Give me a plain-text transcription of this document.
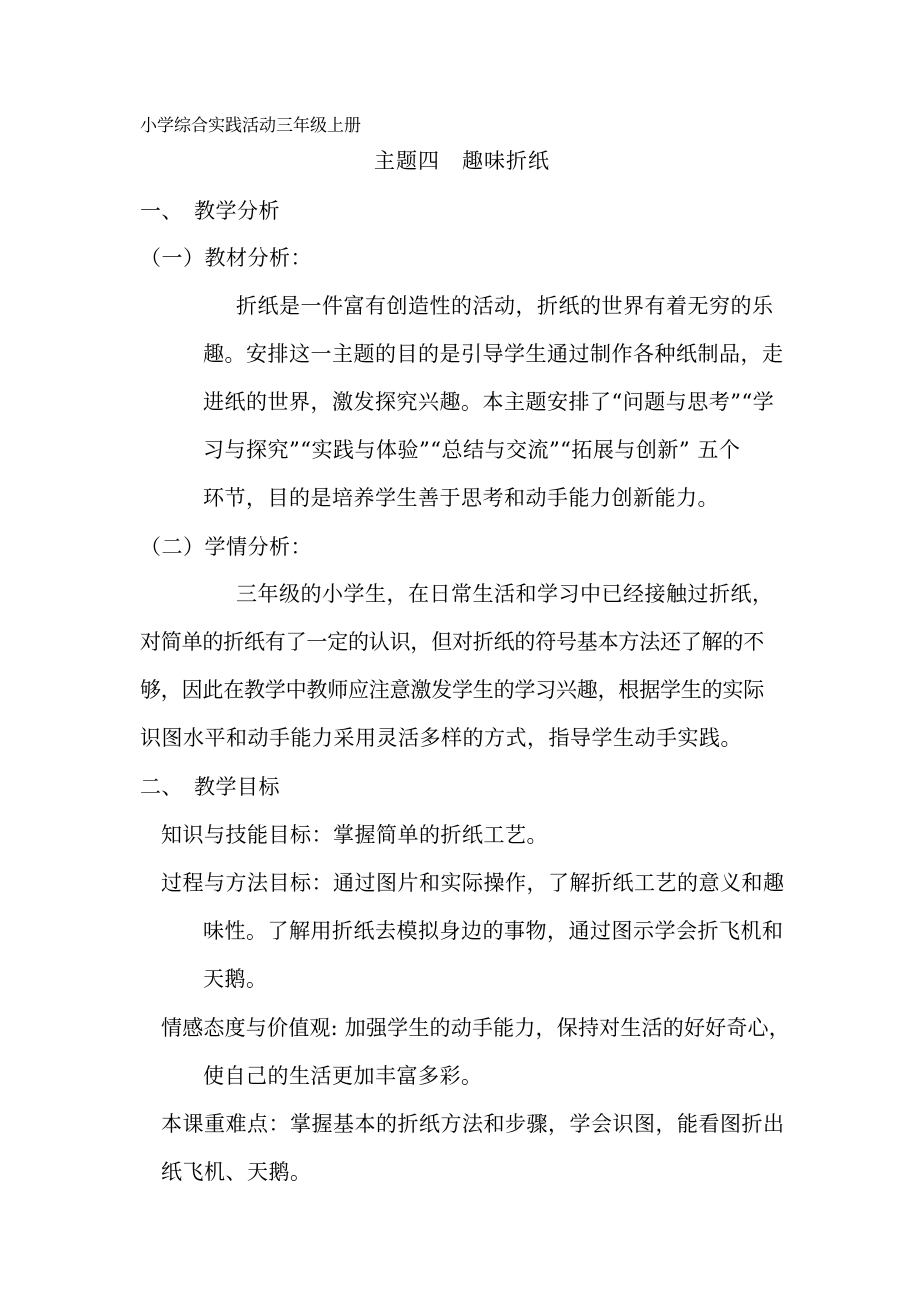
小学综合实践活动三年级上册
主题四　趣味折纸
一、　教学分析
（一）教材分析：
折纸是一件富有创造性的活动，折纸的世界有着无穷的乐
趣。安排这一主题的目的是引导学生通过制作各种纸制品，走
进纸的世界，激发探究兴趣。本主题安排了“问题与思考”“学
习与探究”“实践与体验”“总结与交流”“拓展与创新” 五个
环节，目的是培养学生善于思考和动手能力创新能力。
（二）学情分析：
三年级的小学生，在日常生活和学习中已经接触过折纸，
对简单的折纸有了一定的认识，但对折纸的符号基本方法还了解的不
够，因此在教学中教师应注意激发学生的学习兴趣，根据学生的实际
识图水平和动手能力采用灵活多样的方式，指导学生动手实践。
二、　教学目标
知识与技能目标：掌握简单的折纸工艺。
过程与方法目标：通过图片和实际操作，了解折纸工艺的意义和趣
味性。了解用折纸去模拟身边的事物，通过图示学会折飞机和
天鹅。
情感态度与价值观: 加强学生的动手能力，保持对生活的好好奇心，
使自己的生活更加丰富多彩。
本课重难点：掌握基本的折纸方法和步骤，学会识图，能看图折出
纸飞机、天鹅。
